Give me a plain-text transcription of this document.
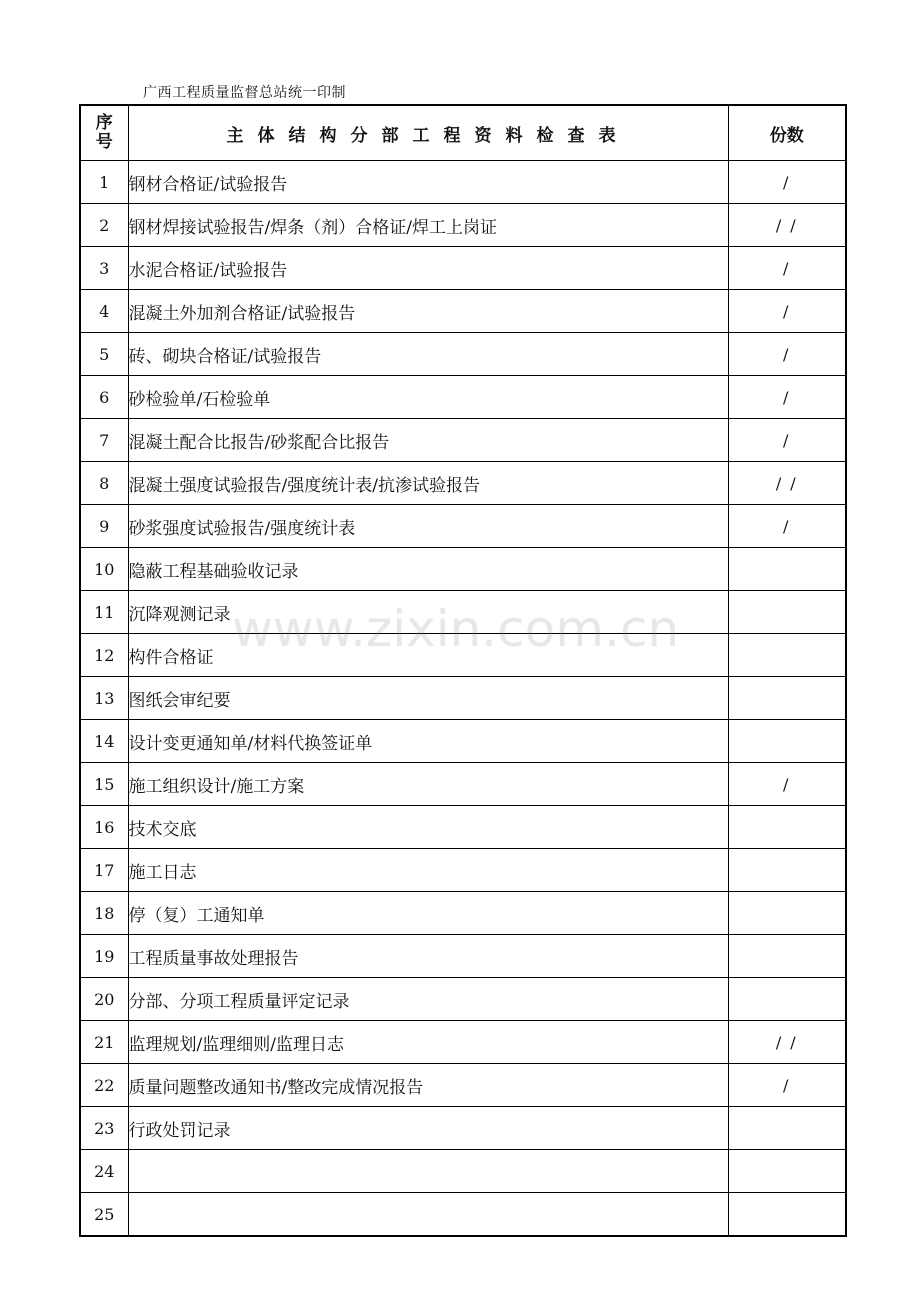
广西工程质量监督总站统一印制
序
号	主体结构分部工程资料检查表	份数
1	钢材合格证/试验报告	/
2	钢材焊接试验报告/焊条（剂）合格证/焊工上岗证	/ /
3	水泥合格证/试验报告	/
4	混凝土外加剂合格证/试验报告	/
5	砖、砌块合格证/试验报告	/
6	砂检验单/石检验单	/
7	混凝土配合比报告/砂浆配合比报告	/
8	混凝土强度试验报告/强度统计表/抗渗试验报告	/ /
9	砂浆强度试验报告/强度统计表	/
10	隐蔽工程基础验收记录	
11	沉降观测记录	
12	构件合格证	
13	图纸会审纪要	
14	设计变更通知单/材料代换签证单	
15	施工组织设计/施工方案	/
16	技术交底	
17	施工日志	
18	停（复）工通知单	
19	工程质量事故处理报告	
20	分部、分项工程质量评定记录	
21	监理规划/监理细则/监理日志	/ /
22	质量问题整改通知书/整改完成情况报告	/
23	行政处罚记录	
24		
25		
www.zixin.com.cn
